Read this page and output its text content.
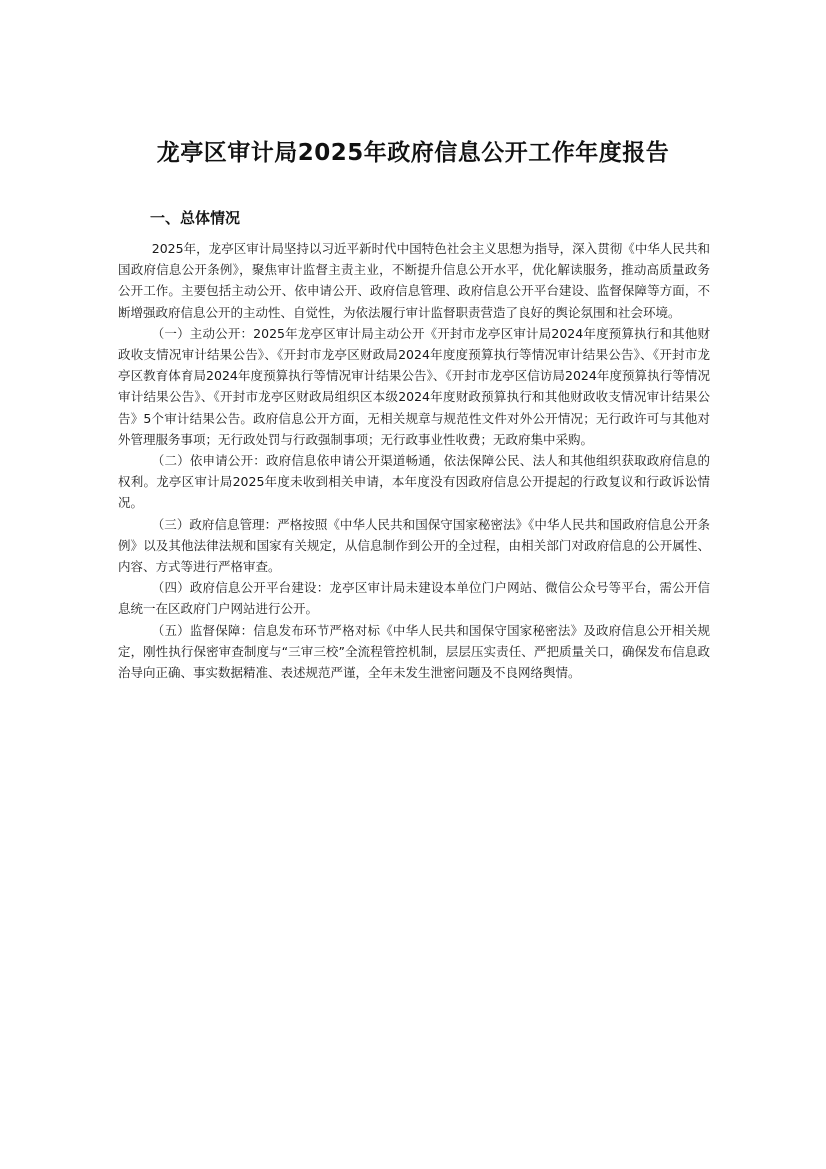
龙亭区审计局2025年政府信息公开工作年度报告
一、总体情况

2025年，龙亭区审计局坚持以习近平新时代中国特色社会主义思想为指导，深入贯彻《中华人民共和国政府信息公开条例》，聚焦审计监督主责主业，不断提升信息公开水平，优化解读服务，推动高质量政务公开工作。主要包括主动公开、依申请公开、政府信息管理、政府信息公开平台建设、监督保障等方面，不断增强政府信息公开的主动性、自觉性，为依法履行审计监督职责营造了良好的舆论氛围和社会环境。

（一）主动公开：2025年龙亭区审计局主动公开《开封市龙亭区审计局2024年度预算执行和其他财政收支情况审计结果公告》、《开封市龙亭区财政局2024年度度预算执行等情况审计结果公告》、《开封市龙亭区教育体育局2024年度预算执行等情况审计结果公告》、《开封市龙亭区信访局2024年度预算执行等情况审计结果公告》、《开封市龙亭区财政局组织区本级2024年度财政预算执行和其他财政收支情况审计结果公告》5个审计结果公告。政府信息公开方面，无相关规章与规范性文件对外公开情况；无行政许可与其他对外管理服务事项；无行政处罚与行政强制事项；无行政事业性收费；无政府集中采购。

（二）依申请公开：政府信息依申请公开渠道畅通，依法保障公民、法人和其他组织获取政府信息的权利。龙亭区审计局2025年度未收到相关申请，本年度没有因政府信息公开提起的行政复议和行政诉讼情况。

（三）政府信息管理：严格按照《中华人民共和国保守国家秘密法》《中华人民共和国政府信息公开条例》以及其他法律法规和国家有关规定，从信息制作到公开的全过程，由相关部门对政府信息的公开属性、内容、方式等进行严格审查。

（四）政府信息公开平台建设：龙亭区审计局未建设本单位门户网站、微信公众号等平台，需公开信息统一在区政府门户网站进行公开。

（五）监督保障：信息发布环节严格对标《中华人民共和国保守国家秘密法》及政府信息公开相关规定，刚性执行保密审查制度与“三审三校”全流程管控机制，层层压实责任、严把质量关口，确保发布信息政治导向正确、事实数据精准、表述规范严谨，全年未发生泄密问题及不良网络舆情。
